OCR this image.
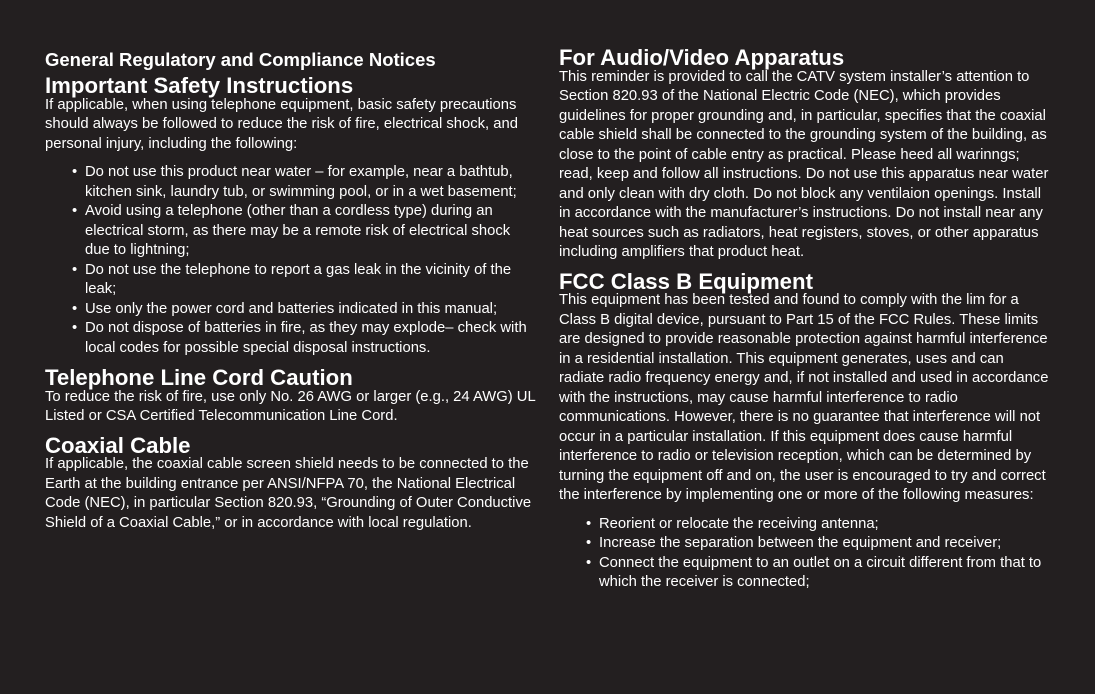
General Regulatory and Compliance Notices
Important Safety Instructions

If applicable, when using telephone equipment, basic safety precautions should always be followed to reduce the risk of fire, electrical shock, and personal injury, including the following:

• Do not use this product near water – for example, near a bathtub, kitchen sink, laundry tub, or swimming pool, or in a wet basement;
• Avoid using a telephone (other than a cordless type) during an electrical storm, as there may be a remote risk of electrical shock due to lightning;
• Do not use the telephone to report a gas leak in the vicinity of the leak;
• Use only the power cord and batteries indicated in this manual;
• Do not dispose of batteries in fire, as they may explode– check with local codes for possible special disposal instructions.
Telephone Line Cord Caution

To reduce the risk of fire, use only No. 26 AWG or larger (e.g., 24 AWG) UL Listed or CSA Certified Telecommunication Line Cord.

Coaxial Cable

If applicable, the coaxial cable screen shield needs to be connected to the Earth at the building entrance per ANSI/NFPA 70, the National Electrical Code (NEC), in particular Section 820.93, “Grounding of Outer Conductive Shield of a Coaxial Cable,” or in accordance with local regulation.

For Audio/Video Apparatus

This reminder is provided to call the CATV system installer’s attention to Section 820.93 of the National Electric Code (NEC), which provides guidelines for proper grounding and, in particular, specifies that the coaxial cable shield shall be connected to the grounding system of the building, as close to the point of cable entry as practical. Please heed all warinngs; read, keep and follow all instructions. Do not use this apparatus near water and only clean with dry cloth. Do not block any ventilaion openings. Install in accordance with the manufacturer’s instructions. Do not install near any heat sources such as radiators, heat registers, stoves, or other apparatus including amplifiers that product heat.

FCC Class B Equipment

This equipment has been tested and found to comply with the lim for a Class B digital device, pursuant to Part 15 of the FCC Rules. These limits are designed to provide reasonable protection against harmful interference in a residential installation. This equipment generates, uses and can radiate radio frequency energy and, if not installed and used in accordance with the instructions, may cause harmful interference to radio communications. However, there is no guarantee that interference will not occur in a particular installation. If this equipment does cause harmful interference to radio or television reception, which can be determined by turning the equipment off and on, the user is encouraged to try and correct the interference by implementing one or more of the following measures:

• Reorient or relocate the receiving antenna;
• Increase the separation between the equipment and receiver;
• Connect the equipment to an outlet on a circuit different from that to which the receiver is connected;
